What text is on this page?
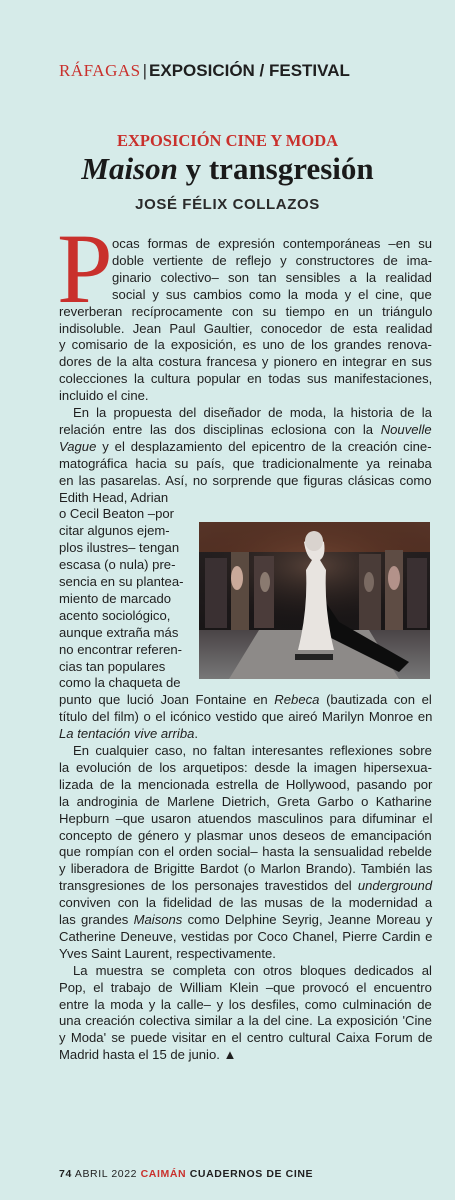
RÁFAGAS | EXPOSICIÓN / FESTIVAL
EXPOSICIÓN CINE Y MODA
Maison y transgresión
JOSÉ FÉLIX COLLAZOS
P ocas formas de expresión contemporáneas –en su
doble vertiente de reflejo y constructores de ima-
ginario colectivo– son tan sensibles a la realidad
social y sus cambios como la moda y el cine, que
reverberan recíprocamente con su tiempo en un triángulo
indisoluble. Jean Paul Gaultier, conocedor de esta realidad
y comisario de la exposición, es uno de los grandes renova-
dores de la alta costura francesa y pionero en integrar en sus
colecciones la cultura popular en todas sus manifestaciones,
incluido el cine.
En la propuesta del diseñador de moda, la historia de la
relación entre las dos disciplinas eclosiona con la Nouvelle
Vague y el desplazamiento del epicentro de la creación cine-
matográfica hacia su país, que tradicionalmente ya reinaba
en las pasarelas. Así, no sorprende que figuras clásicas como
Edith Head, Adrian
o Cecil Beaton –por
citar algunos ejem-
plos ilustres– tengan
escasa (o nula) pre-
sencia en su plantea-
miento de marcado
acento sociológico,
aunque extraña más
no encontrar referen-
cias tan populares
como la chaqueta de
punto que lució Joan Fontaine en Rebeca (bautizada con el
título del film) o el icónico vestido que aireó Marilyn Monroe en
La tentación vive arriba.
En cualquier caso, no faltan interesantes reflexiones sobre
la evolución de los arquetipos: desde la imagen hipersexua-
lizada de la mencionada estrella de Hollywood, pasando por
la androginia de Marlene Dietrich, Greta Garbo o Katharine
Hepburn –que usaron atuendos masculinos para difuminar el
concepto de género y plasmar unos deseos de emancipación
que rompían con el orden social– hasta la sensualidad rebelde
y liberadora de Brigitte Bardot (o Marlon Brando). También las
transgresiones de los personajes travestidos del underground
conviven con la fidelidad de las musas de la modernidad a
las grandes Maisons como Delphine Seyrig, Jeanne Moreau y
Catherine Deneuve, vestidas por Coco Chanel, Pierre Cardin e
Yves Saint Laurent, respectivamente.
La muestra se completa con otros bloques dedicados al
Pop, el trabajo de William Klein –que provocó el encuentro
entre la moda y la calle– y los desfiles, como culminación de
una creación colectiva similar a la del cine. La exposición 'Cine
y Moda' se puede visitar en el centro cultural Caixa Forum de
Madrid hasta el 15 de junio. ▲
74 ABRIL 2022 CAIMÁN CUADERNOS DE CINE
